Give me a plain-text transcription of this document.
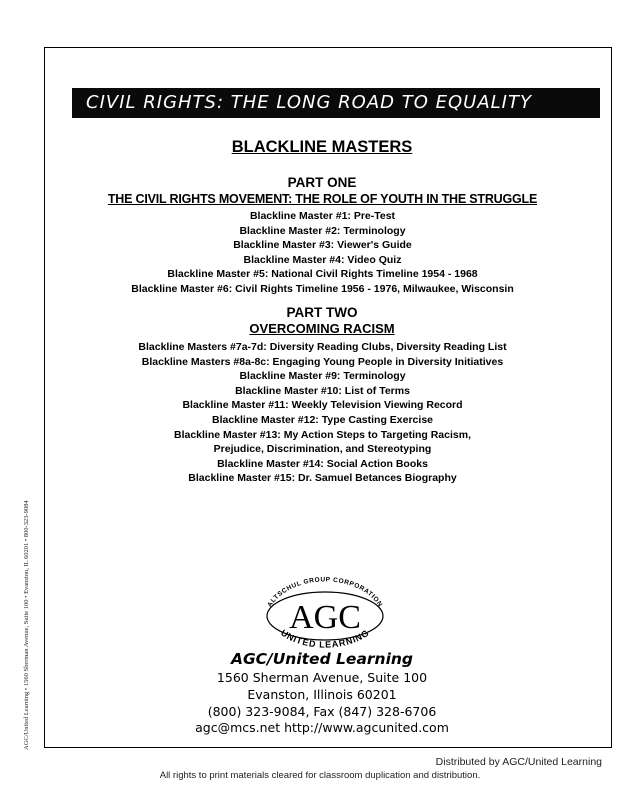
CIVIL RIGHTS: THE LONG ROAD TO EQUALITY
BLACKLINE MASTERS
PART ONE
THE CIVIL RIGHTS MOVEMENT: THE ROLE OF YOUTH IN THE STRUGGLE
Blackline Master #1: Pre-Test
Blackline Master #2: Terminology
Blackline Master #3: Viewer's Guide
Blackline Master #4: Video Quiz
Blackline Master #5: National Civil Rights Timeline 1954 - 1968
Blackline Master #6: Civil Rights Timeline 1956 - 1976, Milwaukee, Wisconsin
PART TWO
OVERCOMING RACISM
Blackline Masters #7a-7d: Diversity Reading Clubs, Diversity Reading List
Blackline Masters #8a-8c: Engaging Young People in Diversity Initiatives
Blackline Master #9: Terminology
Blackline Master #10: List of Terms
Blackline Master #11: Weekly Television Viewing Record
Blackline Master #12: Type Casting Exercise
Blackline Master #13: My Action Steps to Targeting Racism,
Prejudice, Discrimination, and Stereotyping
Blackline Master #14: Social Action Books
Blackline Master #15: Dr. Samuel Betances Biography
AGC/United Learning • 1560 Sherman Avenue, Suite 100 • Evanston, IL 60201 • 800-323-9084	ALTSCHUL GROUP CORPORATION
AGC
UNITED LEARNING
AGC/United Learning
1560 Sherman Avenue, Suite 100
Evanston, Illinois 60201
(800) 323-9084, Fax (847) 328-6706
agc@mcs.net http://www.agcunited.com
Distributed by AGC/United Learning
All rights to print materials cleared for classroom duplication and distribution.
